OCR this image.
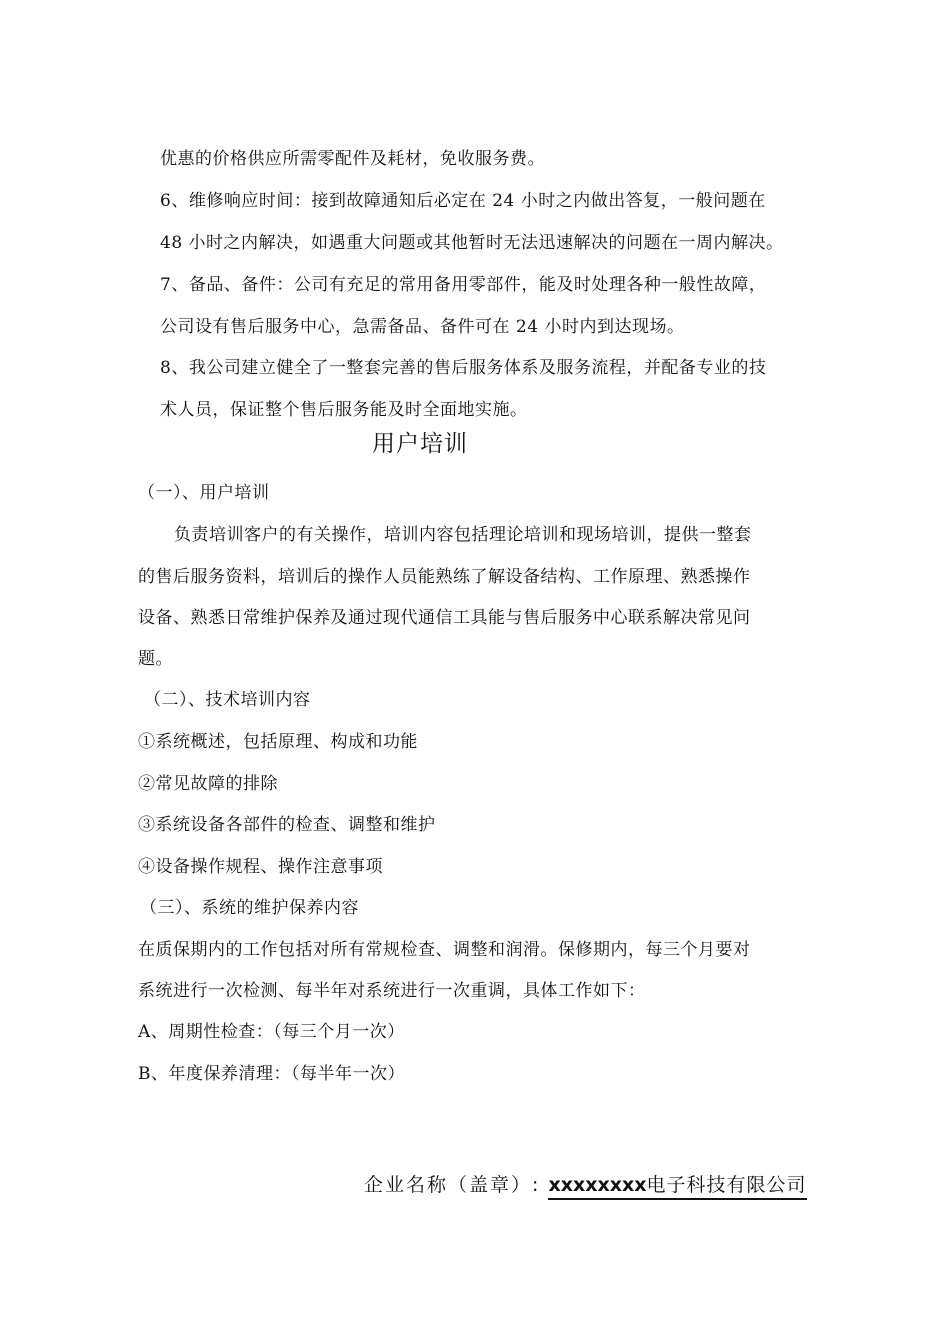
优惠的价格供应所需零配件及耗材，免收服务费。
6、维修响应时间：接到故障通知后必定在 24 小时之内做出答复，一般问题在
48 小时之内解决，如遇重大问题或其他暂时无法迅速解决的问题在一周内解决。
7、备品、备件：公司有充足的常用备用零部件，能及时处理各种一般性故障，
公司设有售后服务中心，急需备品、备件可在 24 小时内到达现场。
8、我公司建立健全了一整套完善的售后服务体系及服务流程，并配备专业的技
术人员，保证整个售后服务能及时全面地实施。
用户培训
（一）、用户培训
负责培训客户的有关操作，培训内容包括理论培训和现场培训，提供一整套
的售后服务资料，培训后的操作人员能熟练了解设备结构、工作原理、熟悉操作
设备、熟悉日常维护保养及通过现代通信工具能与售后服务中心联系解决常见问
题。
（二）、技术培训内容
①系统概述，包括原理、构成和功能
②常见故障的排除
③系统设备各部件的检查、调整和维护
④设备操作规程、操作注意事项
（三）、系统的维护保养内容
在质保期内的工作包括对所有常规检查、调整和润滑。保修期内，每三个月要对
系统进行一次检测、每半年对系统进行一次重调，具体工作如下：
A、周期性检查：（每三个月一次）
B、年度保养清理：（每半年一次）
企业名称（盖章）: xxxxxxxx电子科技有限公司
